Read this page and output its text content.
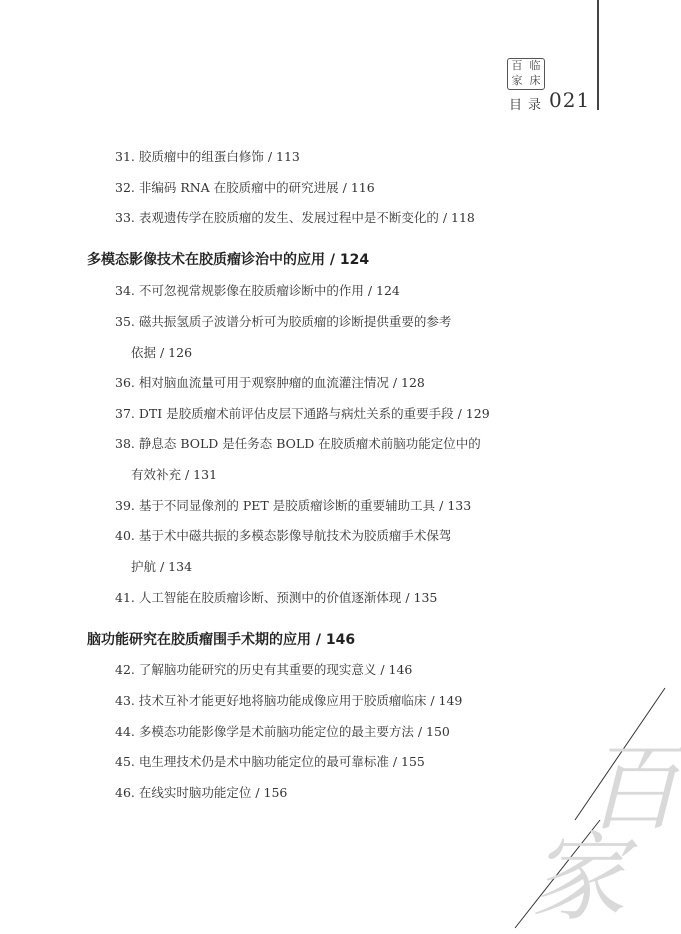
百 临
家 床
目录 021
31. 胶质瘤中的组蛋白修饰 / 113
32. 非编码 RNA 在胶质瘤中的研究进展 / 116
33. 表观遗传学在胶质瘤的发生、发展过程中是不断变化的 / 118
多模态影像技术在胶质瘤诊治中的应用 / 124
34. 不可忽视常规影像在胶质瘤诊断中的作用 / 124
35. 磁共振氢质子波谱分析可为胶质瘤的诊断提供重要的参考
依据 / 126
36. 相对脑血流量可用于观察肿瘤的血流灌注情况 / 128
37. DTI 是胶质瘤术前评估皮层下通路与病灶关系的重要手段 / 129
38. 静息态 BOLD 是任务态 BOLD 在胶质瘤术前脑功能定位中的
有效补充 / 131
39. 基于不同显像剂的 PET 是胶质瘤诊断的重要辅助工具 / 133
40. 基于术中磁共振的多模态影像导航技术为胶质瘤手术保驾
护航 / 134
41. 人工智能在胶质瘤诊断、预测中的价值逐渐体现 / 135
脑功能研究在胶质瘤围手术期的应用 / 146
42. 了解脑功能研究的历史有其重要的现实意义 / 146
43. 技术互补才能更好地将脑功能成像应用于胶质瘤临床 / 149
44. 多模态功能影像学是术前脑功能定位的最主要方法 / 150
45. 电生理技术仍是术中脑功能定位的最可靠标准 / 155
46. 在线实时脑功能定位 / 156	百
家
